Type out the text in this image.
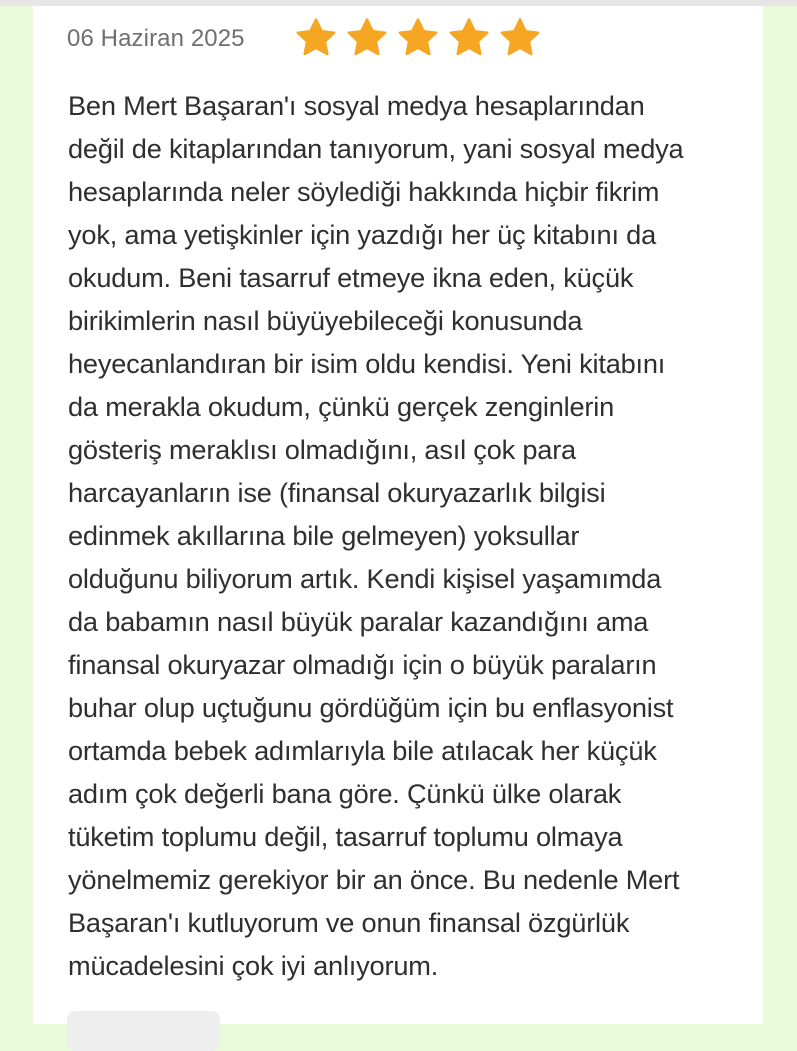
06 Haziran 2025
Ben Mert Başaran'ı sosyal medya hesaplarından
değil de kitaplarından tanıyorum, yani sosyal medya
hesaplarında neler söylediği hakkında hiçbir fikrim
yok, ama yetişkinler için yazdığı her üç kitabını da
okudum. Beni tasarruf etmeye ikna eden, küçük
birikimlerin nasıl büyüyebileceği konusunda
heyecanlandıran bir isim oldu kendisi. Yeni kitabını
da merakla okudum, çünkü gerçek zenginlerin
gösteriş meraklısı olmadığını, asıl çok para
harcayanların ise (finansal okuryazarlık bilgisi
edinmek akıllarına bile gelmeyen) yoksullar
olduğunu biliyorum artık. Kendi kişisel yaşamımda
da babamın nasıl büyük paralar kazandığını ama
finansal okuryazar olmadığı için o büyük paraların
buhar olup uçtuğunu gördüğüm için bu enflasyonist
ortamda bebek adımlarıyla bile atılacak her küçük
adım çok değerli bana göre. Çünkü ülke olarak
tüketim toplumu değil, tasarruf toplumu olmaya
yönelmemiz gerekiyor bir an önce. Bu nedenle Mert
Başaran'ı kutluyorum ve onun finansal özgürlük
mücadelesini çok iyi anlıyorum.
